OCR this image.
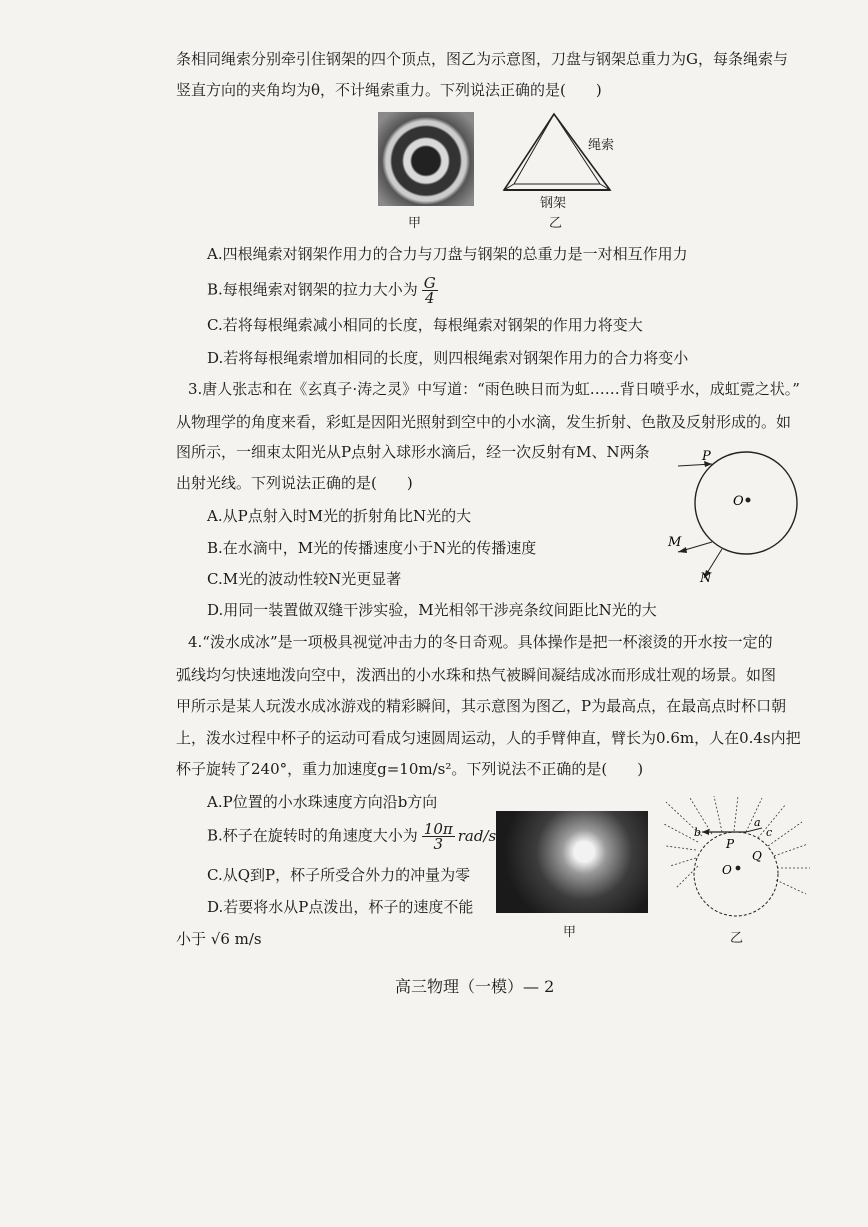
条相同绳索分别牵引住钢架的四个顶点，图乙为示意图，刀盘与钢架总重力为G，每条绳索与
竖直方向的夹角均为θ，不计绳索重力。下列说法正确的是(　　)
甲
绳索
钢架
乙
A.四根绳索对钢架作用力的合力与刀盘与钢架的总重力是一对相互作用力
B.每根绳索对钢架的拉力大小为 $\frac{G}{4}$
C.若将每根绳索减小相同的长度，每根绳索对钢架的作用力将变大
D.若将每根绳索增加相同的长度，则四根绳索对钢架作用力的合力将变小
3.唐人张志和在《玄真子·涛之灵》中写道：“雨色映日而为虹……背日喷乎水，成虹霓之状。”
从物理学的角度来看，彩虹是因阳光照射到空中的小水滴，发生折射、色散及反射形成的。如
图所示，一细束太阳光从P点射入球形水滴后，经一次反射有M、N两条
出射光线。下列说法正确的是(　　)
A.从P点射入时M光的折射角比N光的大
B.在水滴中，M光的传播速度小于N光的传播速度
C.M光的波动性较N光更显著
D.用同一装置做双缝干涉实验，M光相邻干涉亮条纹间距比N光的大
P
O
M
N
4.“泼水成冰”是一项极具视觉冲击力的冬日奇观。具体操作是把一杯滚烫的开水按一定的
弧线均匀快速地泼向空中，泼洒出的小水珠和热气被瞬间凝结成冰而形成壮观的场景。如图
甲所示是某人玩泼水成冰游戏的精彩瞬间，其示意图为图乙，P为最高点，在最高点时杯口朝
上，泼水过程中杯子的运动可看成匀速圆周运动，人的手臂伸直，臂长为0.6m，人在0.4s内把
杯子旋转了240°，重力加速度g=10m/s²。下列说法不正确的是(　　)
A.P位置的小水珠速度方向沿b方向
B.杯子在旋转时的角速度大小为 $\frac{10\pi}{3} rad/s$
C.从Q到P，杯子所受合外力的冲量为零
D.若要将水从P点泼出，杯子的速度不能
小于 √6 m/s	甲
b
a
c
P
Q
O
乙
高三物理（一模）— 2
